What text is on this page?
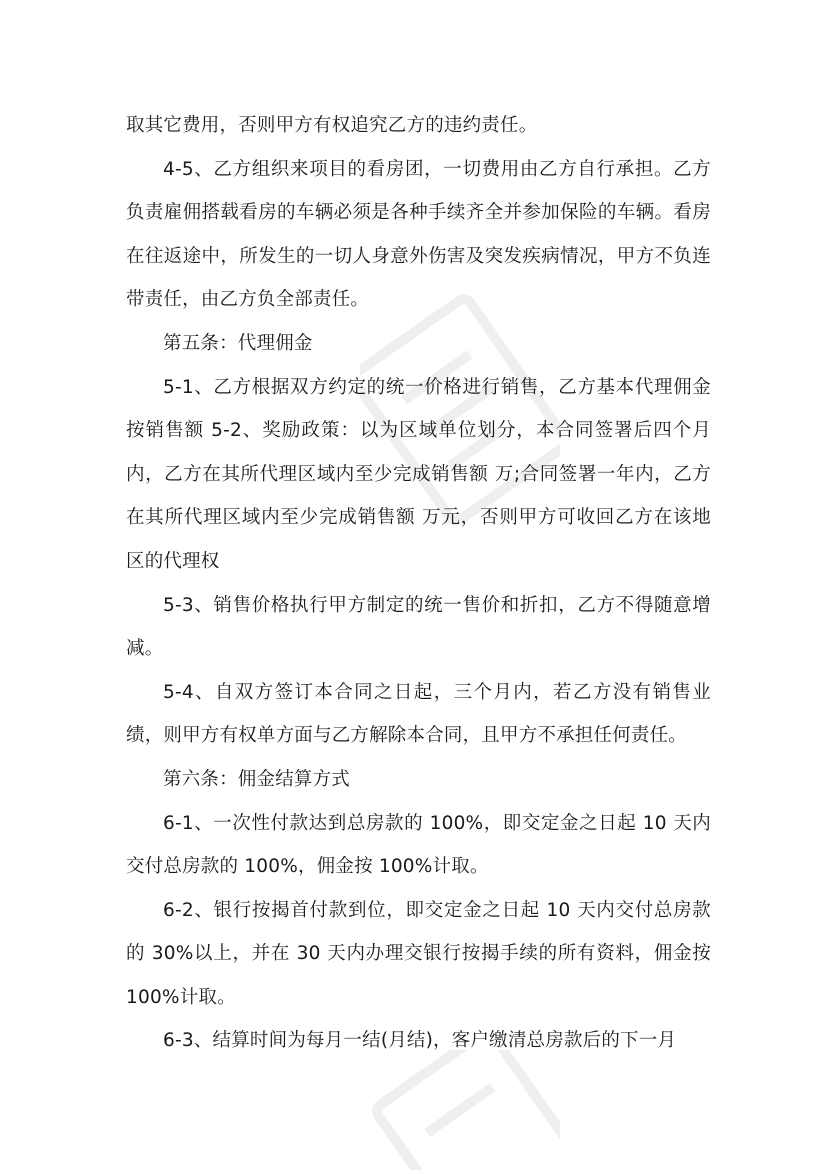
取其它费用，否则甲方有权追究乙方的违约责任。

4-5、乙方组织来项目的看房团，一切费用由乙方自行承担。乙方负责雇佣搭载看房的车辆必须是各种手续齐全并参加保险的车辆。看房在往返途中，所发生的一切人身意外伤害及突发疾病情况，甲方不负连带责任，由乙方负全部责任。

第五条：代理佣金

5-1、乙方根据双方约定的统一价格进行销售，乙方基本代理佣金按销售额 5-2、奖励政策：以为区域单位划分，本合同签署后四个月内，乙方在其所代理区域内至少完成销售额 万;合同签署一年内，乙方在其所代理区域内至少完成销售额 万元，否则甲方可收回乙方在该地区的代理权

5-3、销售价格执行甲方制定的统一售价和折扣，乙方不得随意增减。

5-4、自双方签订本合同之日起，三个月内，若乙方没有销售业绩，则甲方有权单方面与乙方解除本合同，且甲方不承担任何责任。

第六条：佣金结算方式

6-1、一次性付款达到总房款的 100%，即交定金之日起 10 天内交付总房款的 100%，佣金按 100%计取。

6-2、银行按揭首付款到位，即交定金之日起 10 天内交付总房款的 30%以上，并在 30 天内办理交银行按揭手续的所有资料，佣金按 100%计取。

6-3、结算时间为每月一结(月结)，客户缴清总房款后的下一月
